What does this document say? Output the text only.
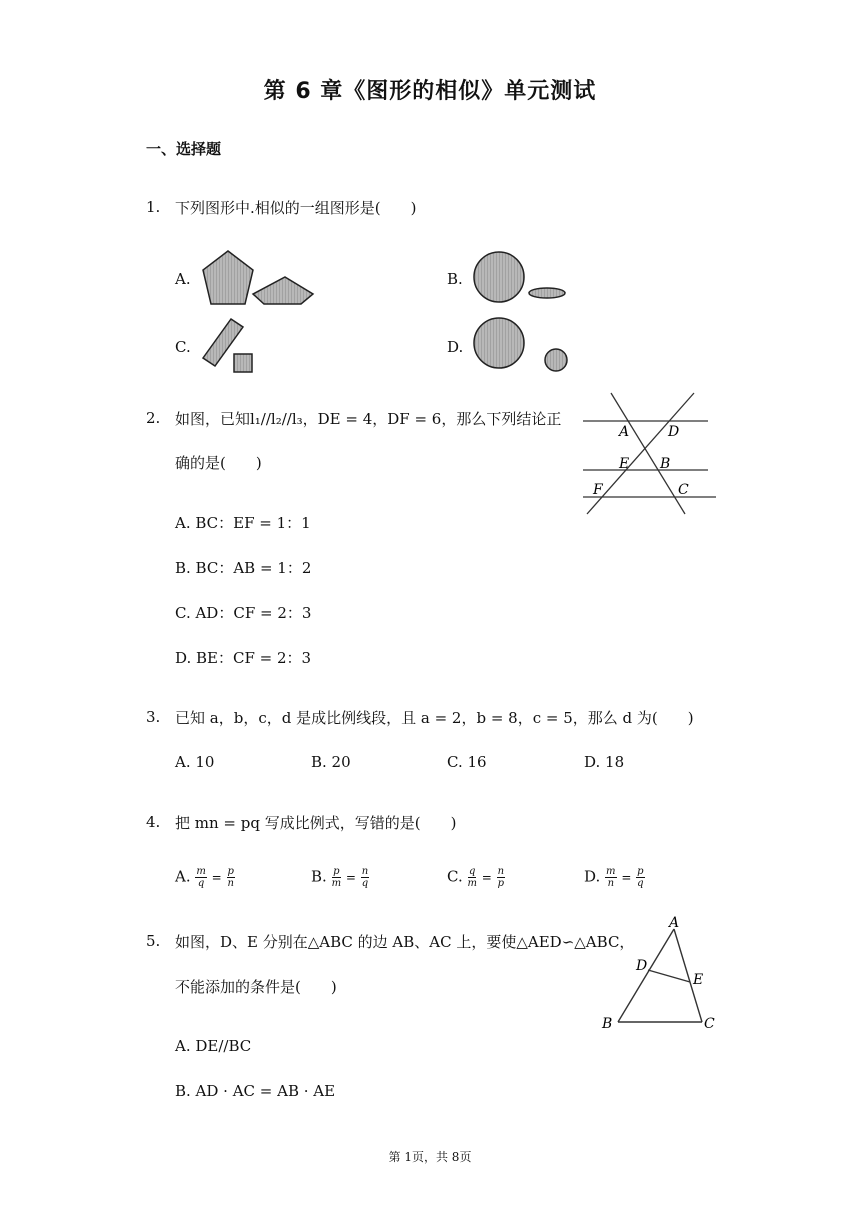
第 6 章《图形的相似》单元测试
一、选择题
1. 下列图形中.相似的一组图形是(　　)
A.	B.
C.	D.
2. 如图，已知l₁//l₂//l₃，DE = 4，DF = 6，那么下列结论正
确的是(　　)
A	D
E B
F	C
A. BC：EF = 1：1
B. BC：AB = 1：2
C. AD：CF = 2：3
D. BE：CF = 2：3
3. 已知 a，b，c，d 是成比例线段，且 a = 2，b = 8，c = 5，那么 d 为(　　)
A. 10	B. 20	C. 16	D. 18
4. 把 mn = pq 写成比例式，写错的是(　　)
A. $\frac{m}{q} = \frac{p}{n}$	B. $\frac{p}{m} = \frac{n}{q}$	C. $\frac{q}{m} = \frac{n}{p}$	D. $\frac{m}{n} = \frac{p}{q}$
5. 如图，D、E 分别在△ABC 的边 AB、AC 上，要使△AED∽△ABC，
不能添加的条件是(　　)
A
D
E
B	C
A. DE//BC
B. AD · AC = AB · AE
第 1页，共 8页
